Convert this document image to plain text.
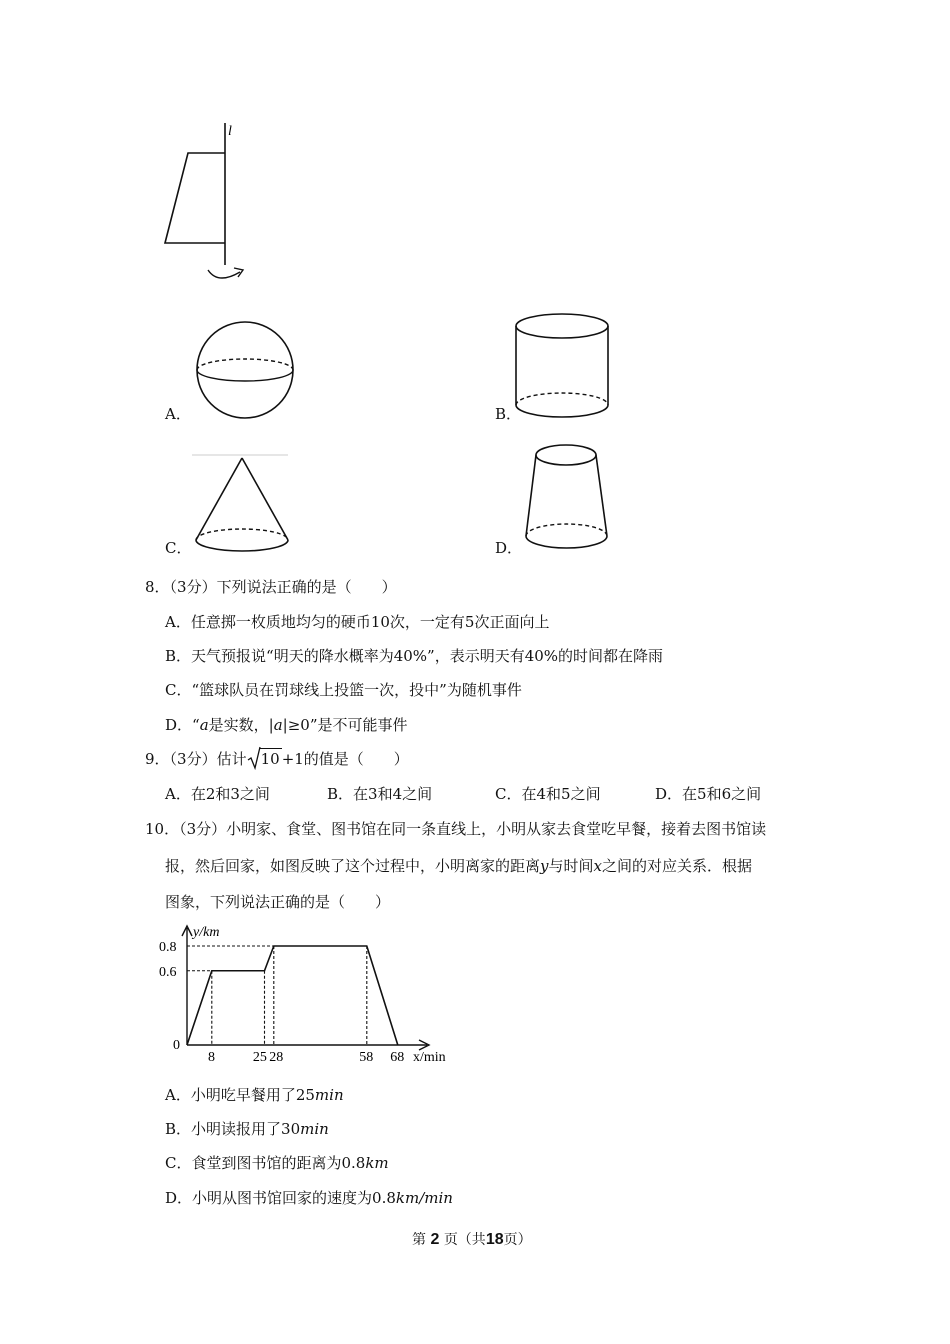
l
A．	B．
C．	D．
8．（3分）下列说法正确的是（　　）
A．任意掷一枚质地均匀的硬币10次，一定有5次正面向上
B．天气预报说“明天的降水概率为40%”，表示明天有40%的时间都在降雨
C．“篮球队员在罚球线上投篮一次，投中”为随机事件
D．“a是实数，|a|≥0”是不可能事件
9．（3分）估计 10 +1的值是（　　）
A．在2和3之间	B．在3和4之间	C．在4和5之间	D．在5和6之间
10．（3分）小明家、食堂、图书馆在同一条直线上，小明从家去食堂吃早餐，接着去图书馆读
报，然后回家，如图反映了这个过程中，小明离家的距离y与时间x之间的对应关系．根据
图象，下列说法正确的是（　　）
y/km
x/min
0
8	25 28	58 68
0.6
0.8
A．小明吃早餐用了25min
B．小明读报用了30min
C．食堂到图书馆的距离为0.8km
D．小明从图书馆回家的速度为0.8km/min
第 2 页（共18页）
